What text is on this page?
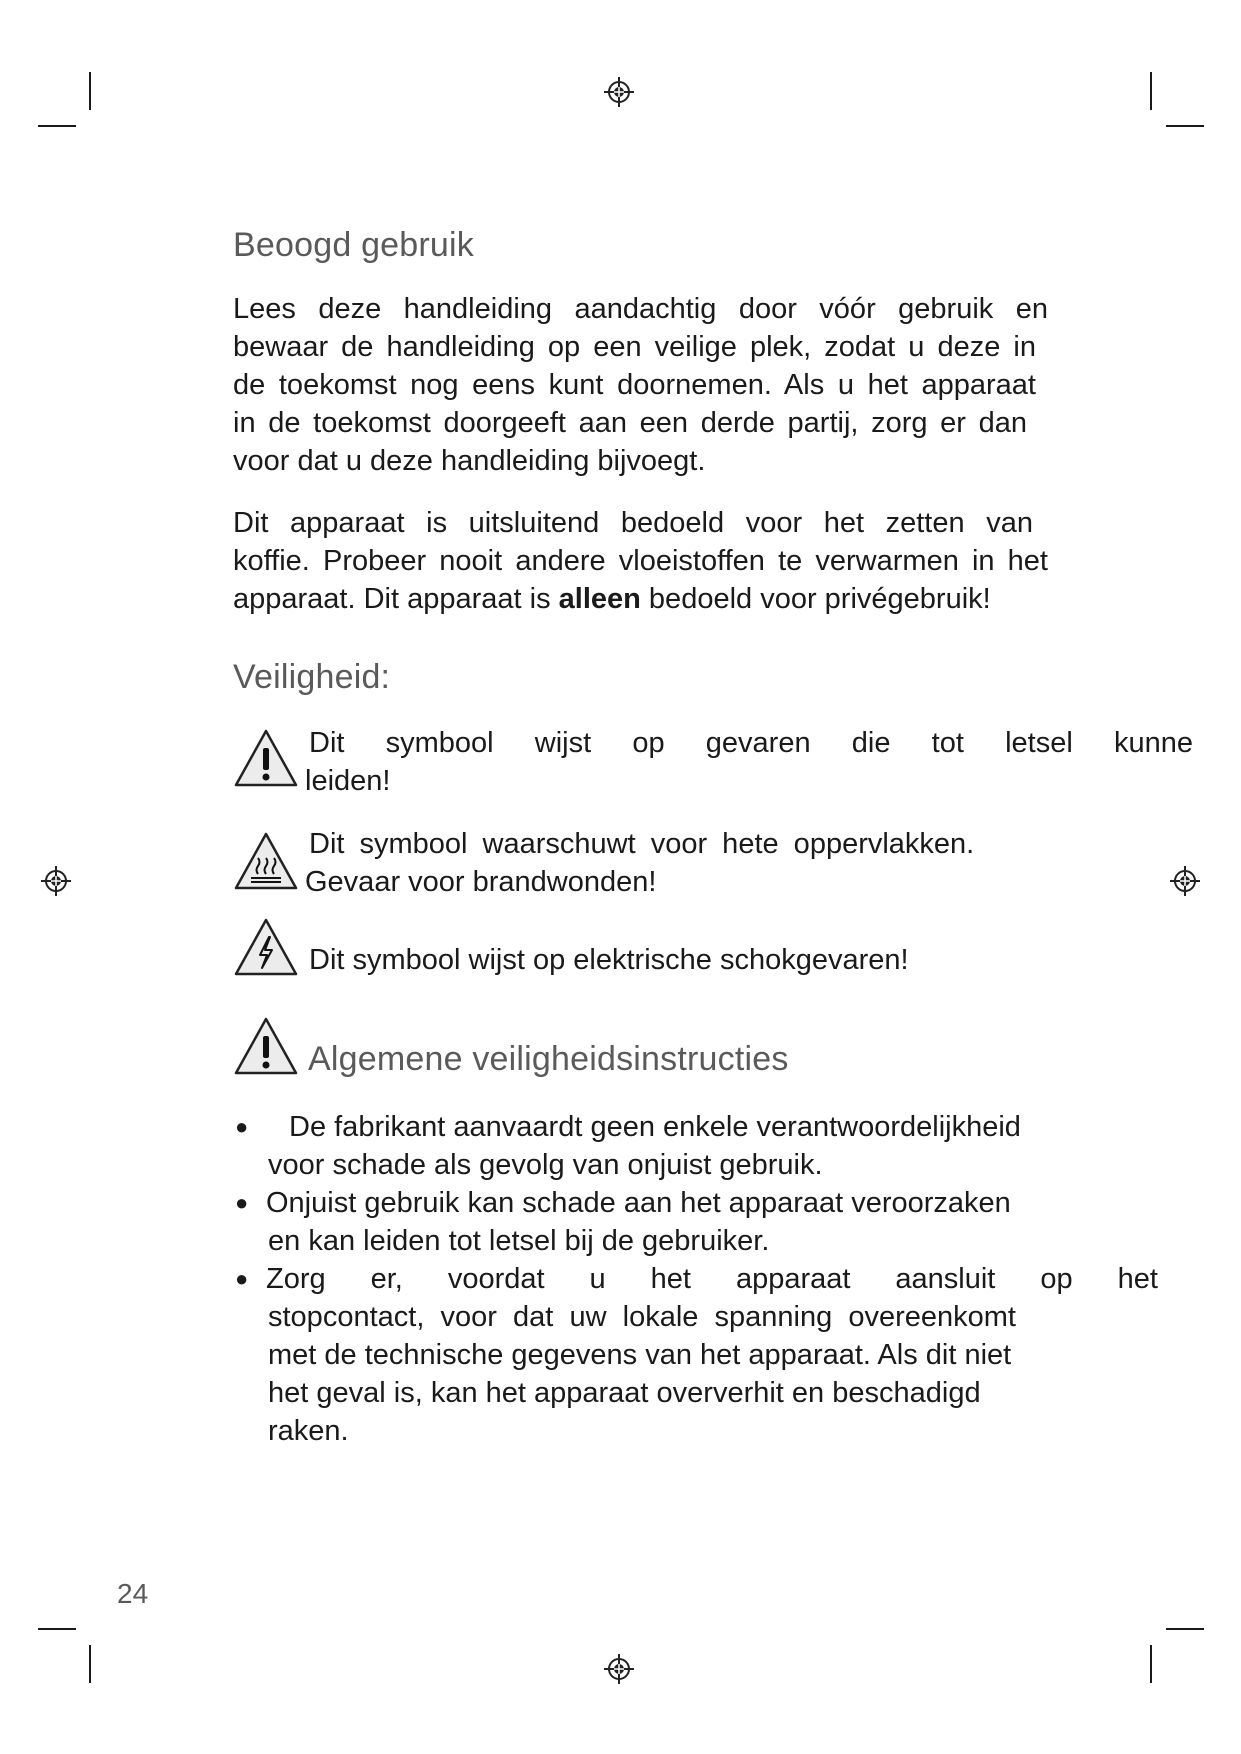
Beoogd gebruik
Lees deze handleiding aandachtig door vóór gebruik en
bewaar de handleiding op een veilige plek, zodat u deze in
de toekomst nog eens kunt doornemen. Als u het apparaat
in de toekomst doorgeeft aan een derde partij, zorg er dan
voor dat u deze handleiding bijvoegt.
Dit apparaat is uitsluitend bedoeld voor het zetten van
koffie. Probeer nooit andere vloeistoffen te verwarmen in het
apparaat. Dit apparaat is alleen bedoeld voor privégebruik!
Veiligheid:
Dit symbool wijst op gevaren die tot letsel kunne
leiden!
Dit symbool waarschuwt voor hete oppervlakken.
Gevaar voor brandwonden!
Dit symbool wijst op elektrische schokgevaren!
Algemene veiligheidsinstructies
● De fabrikant aanvaardt geen enkele verantwoordelijkheid
voor schade als gevolg van onjuist gebruik.
● Onjuist gebruik kan schade aan het apparaat veroorzaken
en kan leiden tot letsel bij de gebruiker.
● Zorg er, voordat u het apparaat aansluit op het
stopcontact,  voor  dat  uw  lokale  spanning  overeenkomt
met de technische gegevens van het apparaat. Als dit niet
het geval is, kan het apparaat oververhit en beschadigd
raken.
24
